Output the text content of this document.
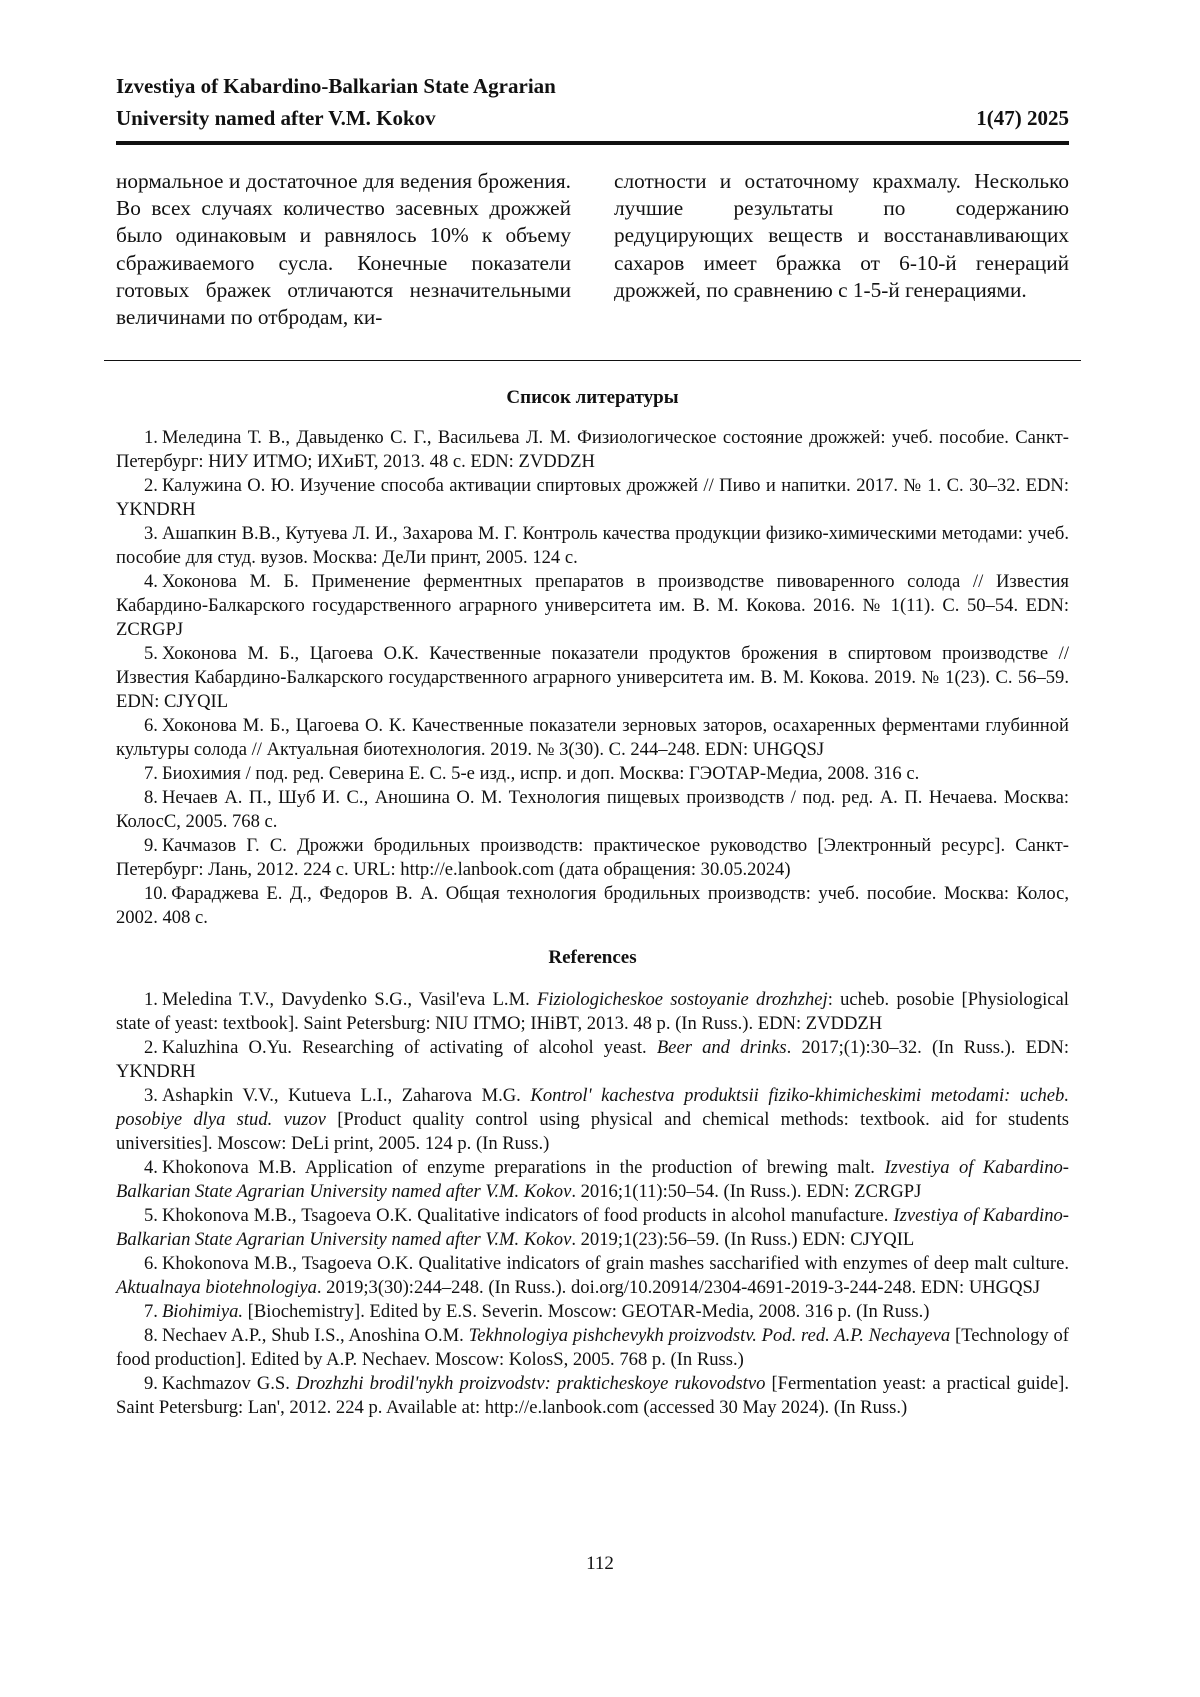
Izvestiya of Kabardino-Balkarian State Agrarian
University named after V.M. Kokov	1(47) 2025
нормальное и достаточное для ведения брожения. Во всех случаях количество засевных дрожжей было одинаковым и равнялось 10% к объему сбраживаемого сусла. Конечные показатели готовых бражек отличаются незначительными величинами по отбродам, ки-
слотности и остаточному крахмалу. Несколько лучшие результаты по содержанию редуцирующих веществ и восстанавливающих сахаров имеет бражка от 6-10-й генераций дрожжей, по сравнению с 1-5-й генерациями.
Список литературы

1. Меледина Т. В., Давыденко С. Г., Васильева Л. М. Физиологическое состояние дрожжей: учеб. пособие. Санкт-Петербург: НИУ ИТМО; ИХиБТ, 2013. 48 с. EDN: ZVDDZH

2. Калужина О. Ю. Изучение способа активации спиртовых дрожжей // Пиво и напитки. 2017. № 1. С. 30–32. EDN: YKNDRH

3. Ашапкин В.В., Кутуева Л. И., Захарова М. Г. Контроль качества продукции физико-химическими методами: учеб. пособие для студ. вузов. Москва: ДеЛи принт, 2005. 124 с.

4. Хоконова М. Б. Применение ферментных препаратов в производстве пивоваренного солода // Известия Кабардино-Балкарского государственного аграрного университета им. В. М. Кокова. 2016. № 1(11). С. 50–54. EDN: ZCRGPJ

5. Хоконова М. Б., Цагоева О.К. Качественные показатели продуктов брожения в спиртовом производстве // Известия Кабардино-Балкарского государственного аграрного университета им. В. М. Кокова. 2019. № 1(23). С. 56–59. EDN: CJYQIL

6. Хоконова М. Б., Цагоева О. К. Качественные показатели зерновых заторов, осахаренных ферментами глубинной культуры солода // Актуальная биотехнология. 2019. № 3(30). С. 244–248. EDN: UHGQSJ

7. Биохимия / под. ред. Северина Е. С. 5-е изд., испр. и доп. Москва: ГЭОТАР-Медиа, 2008. 316 с.

8. Нечаев А. П., Шуб И. С., Аношина О. М. Технология пищевых производств / под. ред. А. П. Нечаева. Москва: КолосС, 2005. 768 с.

9. Качмазов Г. С. Дрожжи бродильных производств: практическое руководство [Электронный ресурс]. Санкт-Петербург: Лань, 2012. 224 с. URL: http://e.lanbook.com (дата обращения: 30.05.2024)

10. Фараджева Е. Д., Федоров В. А. Общая технология бродильных производств: учеб. пособие. Москва: Колос, 2002. 408 с.

References

1. Meledina T.V., Davydenko S.G., Vasil'eva L.M. Fiziologicheskoe sostoyanie drozhzhej: ucheb. posobie [Physiological state of yeast: textbook]. Saint Petersburg: NIU ITMO; IHiBT, 2013. 48 p. (In Russ.). EDN: ZVDDZH

2. Kaluzhina O.Yu. Researching of activating of alcohol yeast. Beer and drinks. 2017;(1):30–32. (In Russ.). EDN: YKNDRH

3. Ashapkin V.V., Kutueva L.I., Zaharova M.G. Kontrol' kachestva produktsii fiziko-khimicheskimi metodami: ucheb. posobiye dlya stud. vuzov [Product quality control using physical and chemical methods: textbook. aid for students universities]. Moscow: DeLi print, 2005. 124 p. (In Russ.)

4. Khokonova M.B. Application of enzyme preparations in the production of brewing malt. Izvestiya of Kabardino-Balkarian State Agrarian University named after V.M. Kokov. 2016;1(11):50–54. (In Russ.). EDN: ZCRGPJ

5. Khokonova M.B., Tsagoeva O.K. Qualitative indicators of food products in alcohol manufacture. Izvestiya of Kabardino-Balkarian State Agrarian University named after V.M. Kokov. 2019;1(23):56–59. (In Russ.) EDN: CJYQIL

6. Khokonova M.B., Tsagoeva O.K. Qualitative indicators of grain mashes saccharified with enzymes of deep malt culture. Aktualnaya biotehnologiya. 2019;3(30):244–248. (In Russ.). doi.org/10.20914/2304-4691-2019-3-244-248. EDN: UHGQSJ

7. Biohimiya. [Biochemistry]. Edited by E.S. Severin. Moscow: GEOTAR-Media, 2008. 316 p. (In Russ.)

8. Nechaev A.P., Shub I.S., Anoshina O.M. Tekhnologiya pishchevykh proizvodstv. Pod. red. A.P. Nechayeva [Technology of food production]. Edited by A.P. Nechaev. Moscow: KolosS, 2005. 768 p. (In Russ.)

9. Kachmazov G.S. Drozhzhi brodil'nykh proizvodstv: prakticheskoye rukovodstvo [Fermentation yeast: a practical guide]. Saint Petersburg: Lan', 2012. 224 p. Available at: http://e.lanbook.com (accessed 30 May 2024). (In Russ.)

112
